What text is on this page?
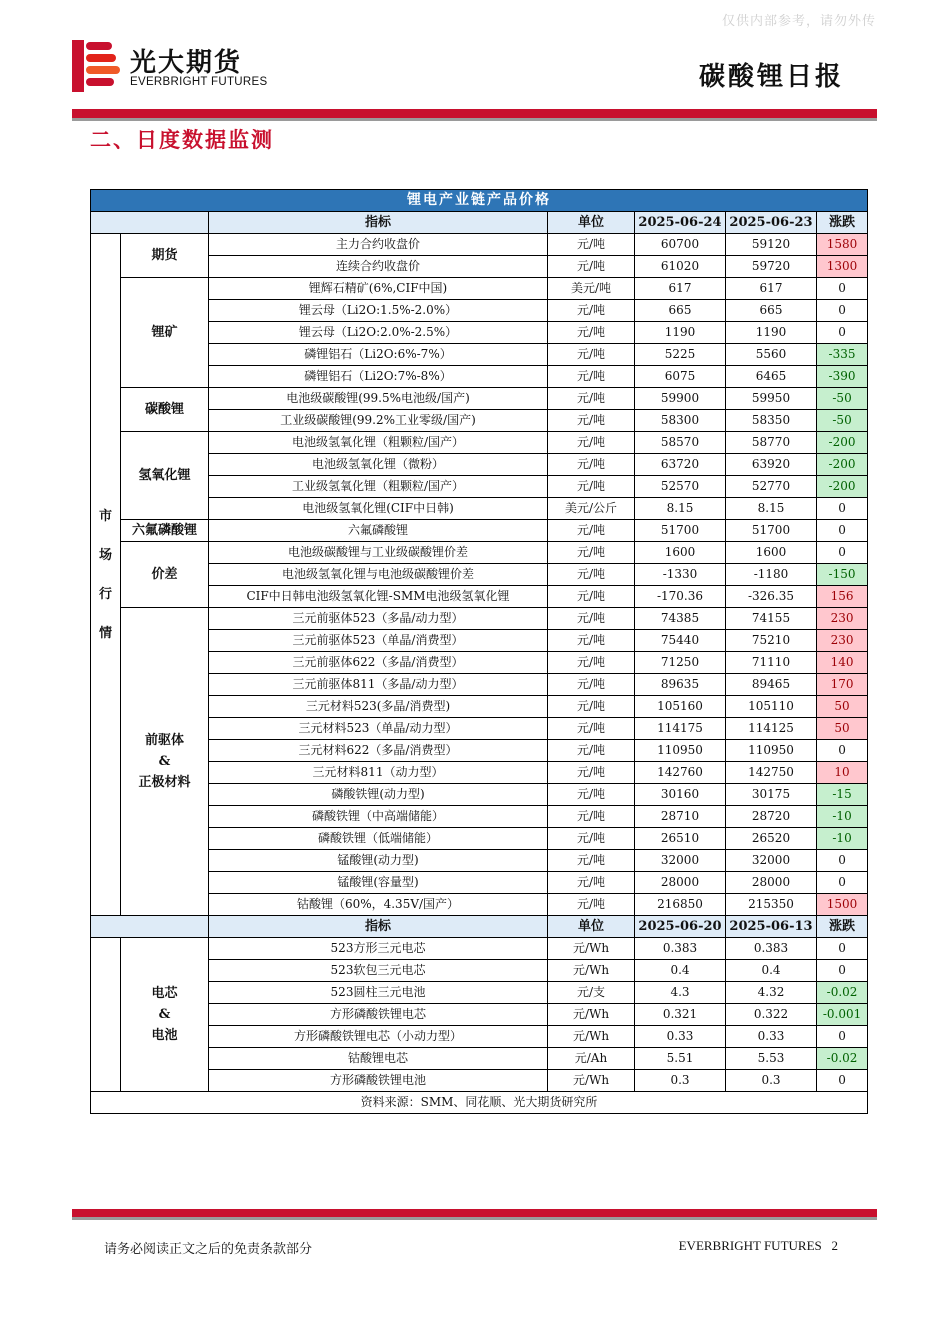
仅供内部参考，请勿外传
光大期货
EVERBRIGHT FUTURES	碳酸锂日报
二、日度数据监测
锂电产业链产品价格						
		指标	单位	2025-06-24	2025-06-23	涨跌

市
场
行
情	期货	主力合约收盘价	元/吨	60700	59120	1580
		连续合约收盘价	元/吨	61020	59720	1300
	锂矿	锂辉石精矿(6%,CIF中国)	美元/吨	617	617	0
		锂云母（Li2O:1.5%-2.0%）	元/吨	665	665	0
		锂云母（Li2O:2.0%-2.5%）	元/吨	1190	1190	0
		磷锂铝石（Li2O:6%-7%）	元/吨	5225	5560	-335
		磷锂铝石（Li2O:7%-8%）	元/吨	6075	6465	-390
	碳酸锂	电池级碳酸锂(99.5%电池级/国产)	元/吨	59900	59950	-50
		工业级碳酸锂(99.2%工业零级/国产)	元/吨	58300	58350	-50
	氢氧化锂	电池级氢氧化锂（粗颗粒/国产）	元/吨	58570	58770	-200
		电池级氢氧化锂（微粉）	元/吨	63720	63920	-200
		工业级氢氧化锂（粗颗粒/国产）	元/吨	52570	52770	-200
		电池级氢氧化锂(CIF中日韩)	美元/公斤	8.15	8.15	0
	六氟磷酸锂	六氟磷酸锂	元/吨	51700	51700	0
	价差	电池级碳酸锂与工业级碳酸锂价差	元/吨	1600	1600	0
		电池级氢氧化锂与电池级碳酸锂价差	元/吨	-1330	-1180	-150
		CIF中日韩电池级氢氧化锂-SMM电池级氢氧化锂	元/吨	-170.36	-326.35	156

	前驱体
&
正极材料	三元前驱体523（多晶/动力型）	元/吨	74385	74155	230
		三元前驱体523（单晶/消费型）	元/吨	75440	75210	230
		三元前驱体622（多晶/消费型）	元/吨	71250	71110	140
		三元前驱体811（多晶/动力型）	元/吨	89635	89465	170
		三元材料523(多晶/消费型)	元/吨	105160	105110	50
		三元材料523（单晶/动力型）	元/吨	114175	114125	50
		三元材料622（多晶/消费型）	元/吨	110950	110950	0
		三元材料811（动力型）	元/吨	142760	142750	10
		磷酸铁锂(动力型)	元/吨	30160	30175	-15
		磷酸铁锂（中高端储能）	元/吨	28710	28720	-10
		磷酸铁锂（低端储能）	元/吨	26510	26520	-10
		锰酸锂(动力型)	元/吨	32000	32000	0
		锰酸锂(容量型)	元/吨	28000	28000	0
		钴酸锂（60%，4.35V/国产）	元/吨	216850	215350	1500
		指标	单位	2025-06-20	2025-06-13	涨跌

	电芯
&
电池	523方形三元电芯	元/Wh	0.383	0.383	0
		523软包三元电芯	元/Wh	0.4	0.4	0
		523圆柱三元电池	元/支	4.3	4.32	-0.02
		方形磷酸铁锂电芯	元/Wh	0.321	0.322	-0.001
		方形磷酸铁锂电芯（小动力型）	元/Wh	0.33	0.33	0
		钴酸锂电芯	元/Ah	5.51	5.53	-0.02
		方形磷酸铁锂电池	元/Wh	0.3	0.3	0
资料来源：SMM、同花顺、光大期货研究所						
请务必阅读正文之后的免责条款部分	EVERBRIGHT FUTURES 2
